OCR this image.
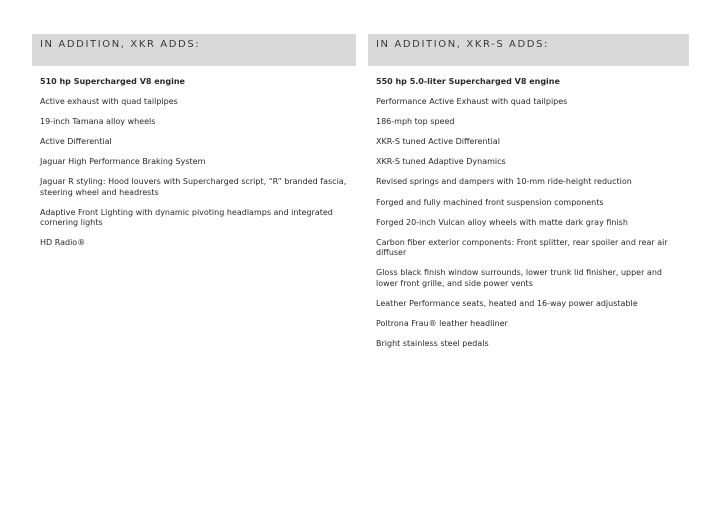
IN ADDITION, XKR ADDS:
510 hp Supercharged V8 engine
Active exhaust with quad tailpipes
19-inch Tamana alloy wheels
Active Differential
Jaguar High Performance Braking System
Jaguar R styling: Hood louvers with Supercharged script, “R” branded fascia, steering wheel and headrests
Adaptive Front Lighting with dynamic pivoting headlamps and integrated cornering lights
HD Radio®
IN ADDITION, XKR-S ADDS:
550 hp 5.0-liter Supercharged V8 engine
Performance Active Exhaust with quad tailpipes
186-mph top speed
XKR-S tuned Active Differential
XKR-S tuned Adaptive Dynamics
Revised springs and dampers with 10-mm ride-height reduction
Forged and fully machined front suspension components
Forged 20-inch Vulcan alloy wheels with matte dark gray finish
Carbon fiber exterior components: Front splitter, rear spoiler and rear air diffuser
Gloss black finish window surrounds, lower trunk lid finisher, upper and lower front grille, and side power vents
Leather Performance seats, heated and 16-way power adjustable
Poltrona Frau® leather headliner
Bright stainless steel pedals
